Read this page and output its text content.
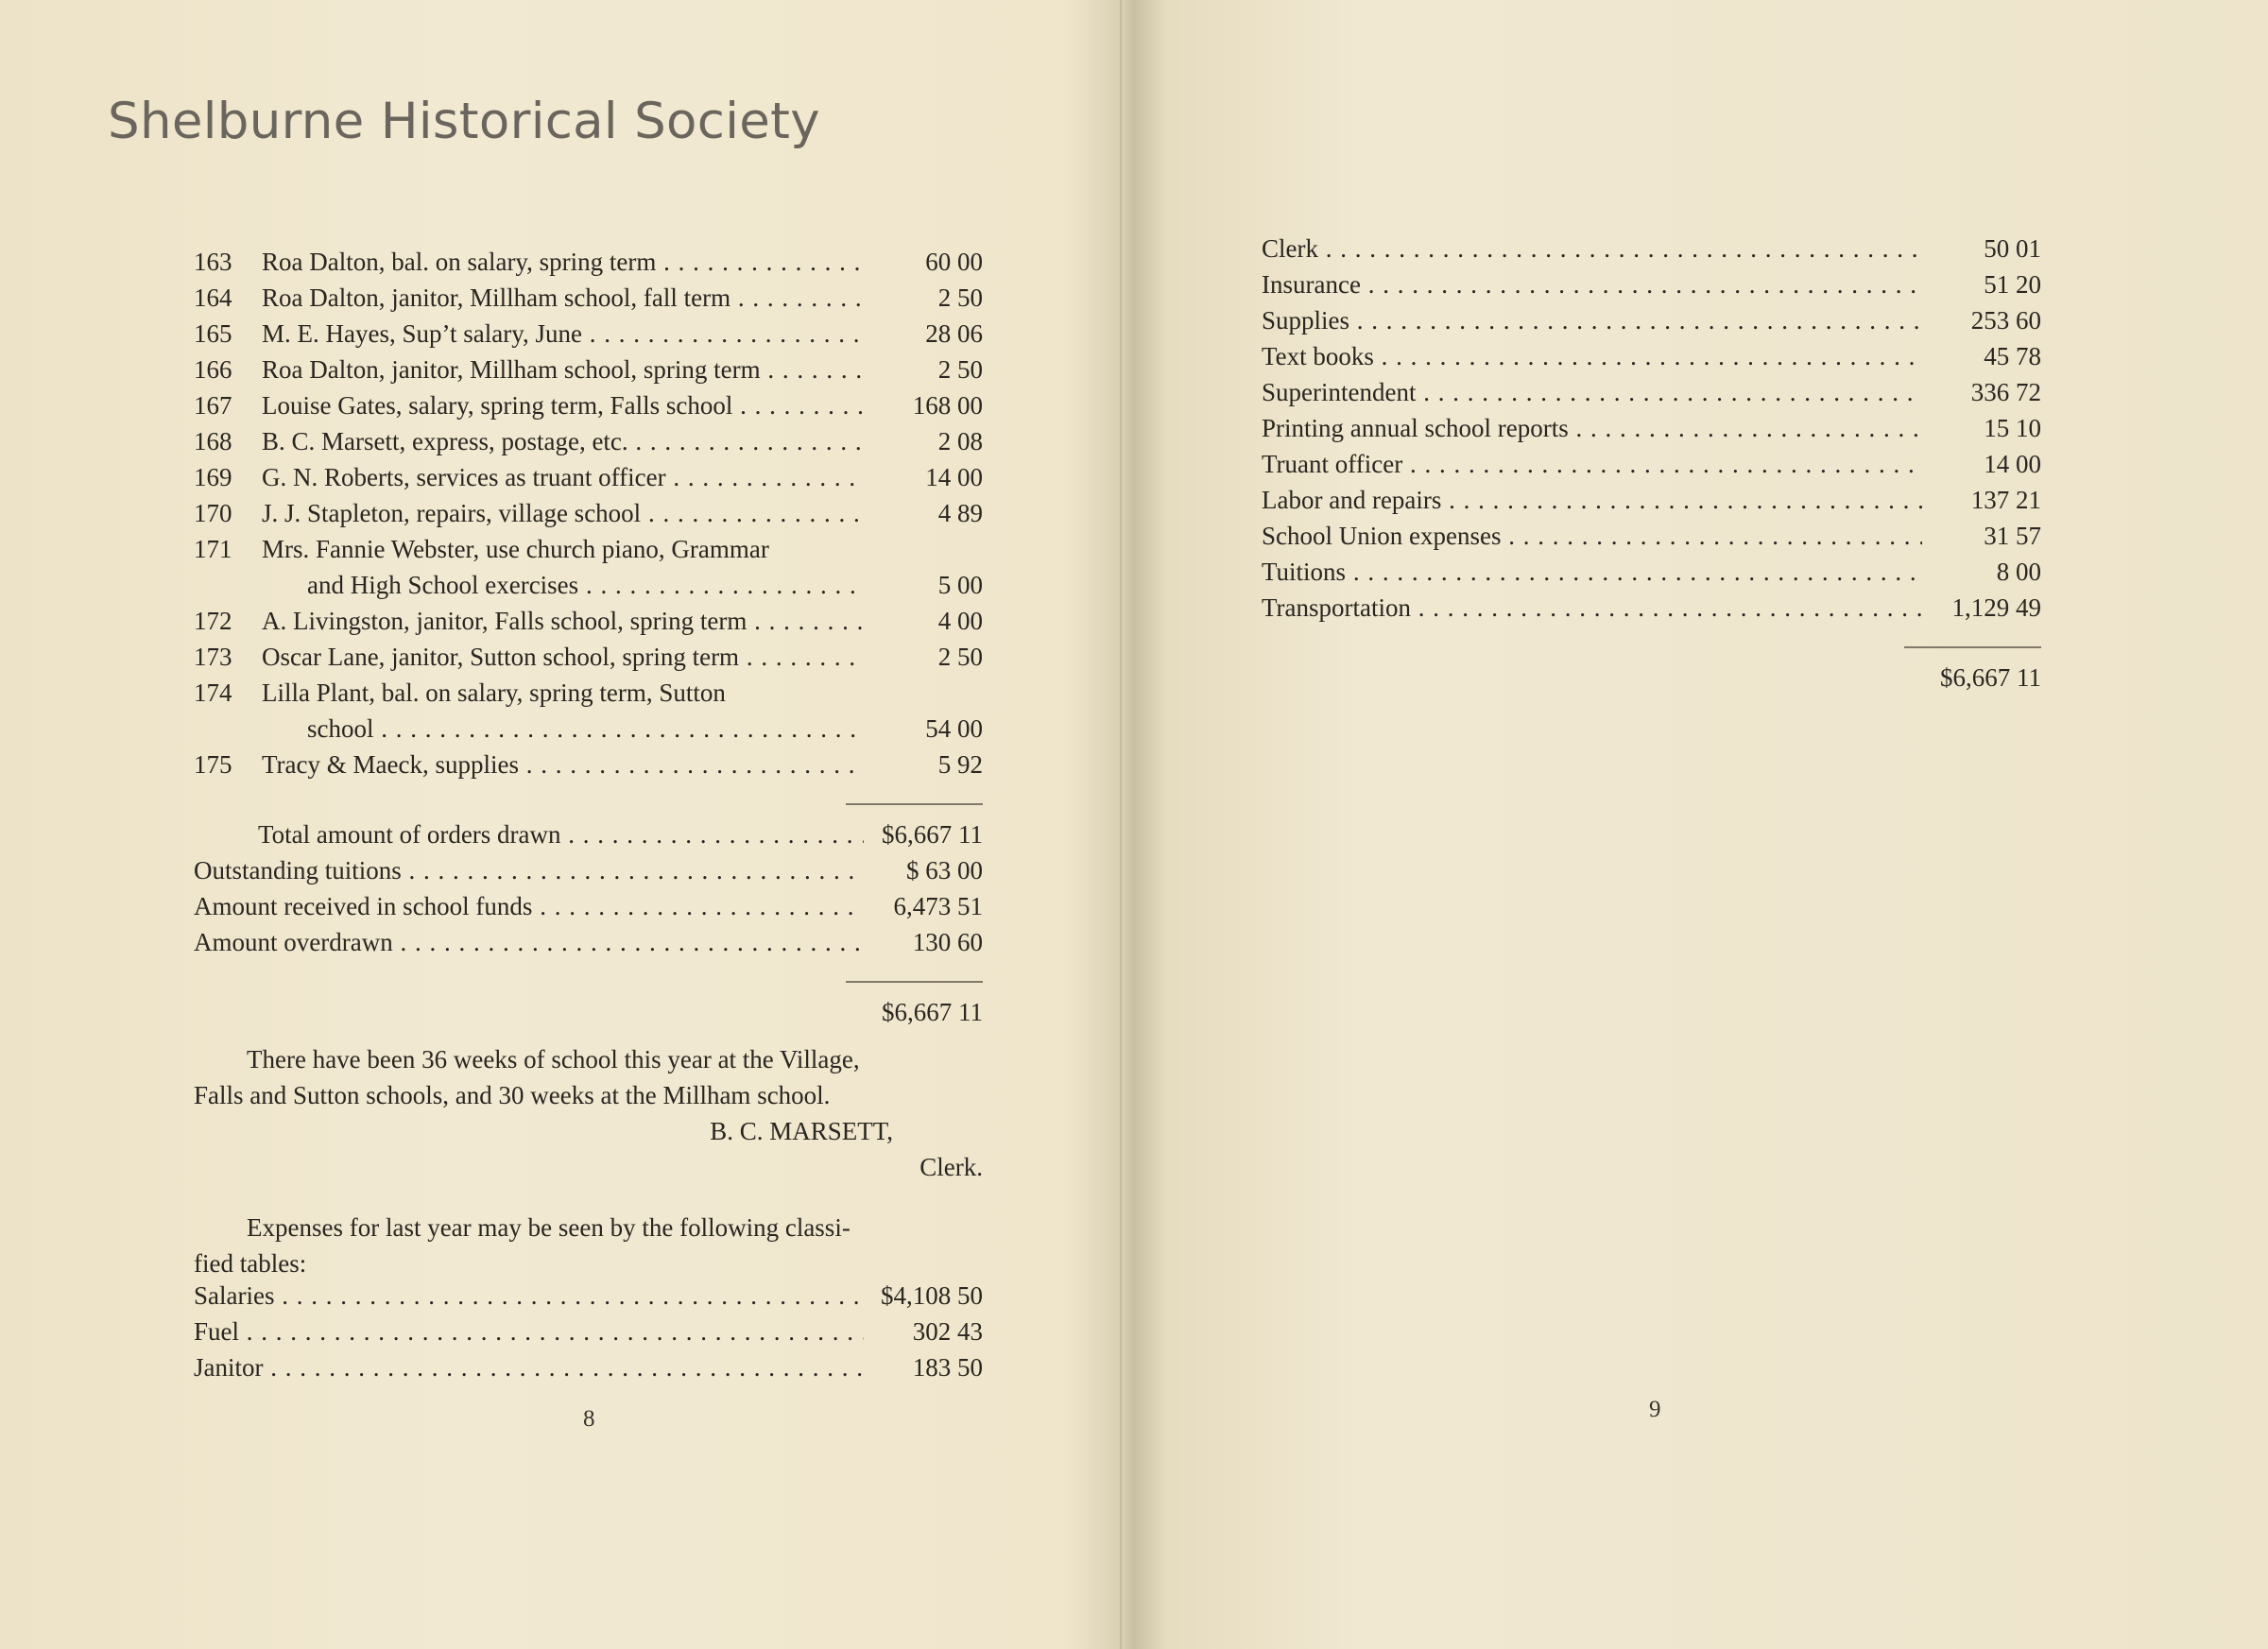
Shelburne Historical Society
163	Roa Dalton, bal. on salary, spring term . . .	60 00
164	Roa Dalton, janitor, Millham school, fall term . . .	2 50
165	M. E. Hayes, Sup’t salary, June . . .	28 06
166	Roa Dalton, janitor, Millham school, spring term . . .	2 50
167	Louise Gates, salary, spring term, Falls school . . .	168 00
168	B. C. Marsett, express, postage, etc. . . .	2 08
169	G. N. Roberts, services as truant officer . . .	14 00
170	J. J. Stapleton, repairs, village school . . .	4 89
171	Mrs. Fannie Webster, use church piano, Grammar
and High School exercises . . .	5 00
172	A. Livingston, janitor, Falls school, spring term . . .	4 00
173	Oscar Lane, janitor, Sutton school, spring term . . .	2 50
174	Lilla Plant, bal. on salary, spring term, Sutton
school . . .	54 00
175	Tracy & Maeck, supplies . . .	5 92
Total amount of orders drawn . . .	$6,667 11
Outstanding tuitions . . .	$ 63 00
Amount received in school funds . . .	6,473 51
Amount overdrawn . . .	130 60
$6,667 11
There have been 36 weeks of school this year at the Village,
Falls and Sutton schools, and 30 weeks at the Millham school.
B. C. MARSETT,
Clerk.
Expenses for last year may be seen by the following classi-
fied tables:
Salaries . . .	$4,108 50
Fuel . . .	302 43
Janitor . . .	183 50
8
Clerk . . .	50 01
Insurance . . .	51 20
Supplies . . .	253 60
Text books . . .	45 78
Superintendent . . .	336 72
Printing annual school reports . . .	15 10
Truant officer . . .	14 00
Labor and repairs . . .	137 21
School Union expenses . . .	31 57
Tuitions . . .	8 00
Transportation . . .	1,129 49
$6,667 11
9
